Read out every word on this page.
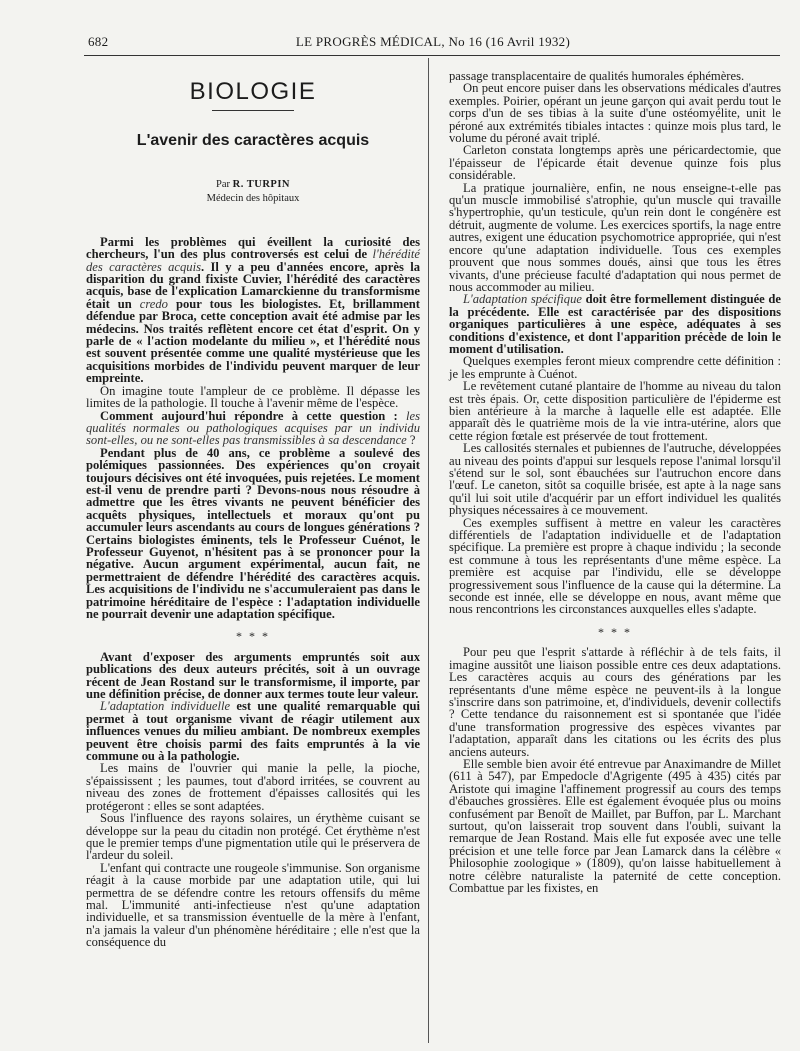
682	LE PROGRÈS MÉDICAL, No 16 (16 Avril 1932)
BIOLOGIE
L'avenir des caractères acquis
Par R. TURPIN
Médecin des hôpitaux

Parmi les problèmes qui éveillent la curiosité des chercheurs, l'un des plus controversés est celui de l'hérédité des caractères acquis. Il y a peu d'années encore, après la disparition du grand fixiste Cuvier, l'hérédité des caractères acquis, base de l'explication Lamarckienne du transformisme était un credo pour tous les biologistes. Et, brillamment défendue par Broca, cette conception avait été admise par les médecins. Nos traités reflètent encore cet état d'esprit. On y parle de « l'action modelante du milieu », et l'hérédité nous est souvent présentée comme une qualité mystérieuse que les acquisitions morbides de l'individu peuvent marquer de leur empreinte.

On imagine toute l'ampleur de ce problème. Il dépasse les limites de la pathologie. Il touche à l'avenir même de l'espèce.

Comment aujourd'hui répondre à cette question : les qualités normales ou pathologiques acquises par un individu sont-elles, ou ne sont-elles pas transmissibles à sa descendance ?

Pendant plus de 40 ans, ce problème a soulevé des polémiques passionnées. Des expériences qu'on croyait toujours décisives ont été invoquées, puis rejetées. Le moment est-il venu de prendre parti ? Devons-nous nous résoudre à admettre que les êtres vivants ne peuvent bénéficier des acquêts physiques, intellectuels et moraux qu'ont pu accumuler leurs ascendants au cours de longues générations ? Certains biologistes éminents, tels le Professeur Cuénot, le Professeur Guyenot, n'hésitent pas à se prononcer pour la négative. Aucun argument expérimental, aucun fait, ne permettraient de défendre l'hérédité des caractères acquis. Les acquisitions de l'individu ne s'accumuleraient pas dans le patrimoine héréditaire de l'espèce : l'adaptation individuelle ne pourrait devenir une adaptation spécifique.

* * *

Avant d'exposer des arguments empruntés soit aux publications des deux auteurs précités, soit à un ouvrage récent de Jean Rostand sur le transformisme, il importe, par une définition précise, de donner aux termes toute leur valeur.

L'adaptation individuelle est une qualité remarquable qui permet à tout organisme vivant de réagir utilement aux influences venues du milieu ambiant. De nombreux exemples peuvent être choisis parmi des faits empruntés à la vie commune ou à la pathologie.

Les mains de l'ouvrier qui manie la pelle, la pioche, s'épaississent ; les paumes, tout d'abord irritées, se couvrent au niveau des zones de frottement d'épaisses callosités qui les protégeront : elles se sont adaptées.

Sous l'influence des rayons solaires, un érythème cuisant se développe sur la peau du citadin non protégé. Cet érythème n'est que le premier temps d'une pigmentation utile qui le préservera de l'ardeur du soleil.

L'enfant qui contracte une rougeole s'immunise. Son organisme réagit à la cause morbide par une adaptation utile, qui lui permettra de se défendre contre les retours offensifs du même mal. L'immunité anti-infectieuse n'est qu'une adaptation individuelle, et sa transmission éventuelle de la mère à l'enfant, n'a jamais la valeur d'un phénomène héréditaire ; elle n'est que la conséquence du

passage transplacentaire de qualités humorales éphémères.

On peut encore puiser dans les observations médicales d'autres exemples. Poirier, opérant un jeune garçon qui avait perdu tout le corps d'un de ses tibias à la suite d'une ostéomyélite, unit le péroné aux extrémités tibiales intactes : quinze mois plus tard, le volume du péroné avait triplé.

Carleton constata longtemps après une péricardectomie, que l'épaisseur de l'épicarde était devenue quinze fois plus considérable.

La pratique journalière, enfin, ne nous enseigne-t-elle pas qu'un muscle immobilisé s'atrophie, qu'un muscle qui travaille s'hypertrophie, qu'un testicule, qu'un rein dont le congénère est détruit, augmente de volume. Les exercices sportifs, la nage entre autres, exigent une éducation psychomotrice appropriée, qui n'est encore qu'une adaptation individuelle. Tous ces exemples prouvent que nous sommes doués, ainsi que tous les êtres vivants, d'une précieuse faculté d'adaptation qui nous permet de nous accommoder au milieu.

L'adaptation spécifique doit être formellement distinguée de la précédente. Elle est caractérisée par des dispositions organiques particulières à une espèce, adéquates à ses conditions d'existence, et dont l'apparition précède de loin le moment d'utilisation.

Quelques exemples feront mieux comprendre cette définition : je les emprunte à Cuénot.

Le revêtement cutané plantaire de l'homme au niveau du talon est très épais. Or, cette disposition particulière de l'épiderme est bien antérieure à la marche à laquelle elle est adaptée. Elle apparaît dès le quatrième mois de la vie intra-utérine, alors que cette région fœtale est préservée de tout frottement.

Les callosités sternales et pubiennes de l'autruche, développées au niveau des points d'appui sur lesquels repose l'animal lorsqu'il s'étend sur le sol, sont ébauchées sur l'autruchon encore dans l'œuf. Le caneton, sitôt sa coquille brisée, est apte à la nage sans qu'il lui soit utile d'acquérir par un effort individuel les qualités physiques nécessaires à ce mouvement.

Ces exemples suffisent à mettre en valeur les caractères différentiels de l'adaptation individuelle et de l'adaptation spécifique. La première est propre à chaque individu ; la seconde est commune à tous les représentants d'une même espèce. La première est acquise par l'individu, elle se développe progressivement sous l'influence de la cause qui la détermine. La seconde est innée, elle se développe en nous, avant même que nous rencontrions les circonstances auxquelles elles s'adapte.

* * *

Pour peu que l'esprit s'attarde à réfléchir à de tels faits, il imagine aussitôt une liaison possible entre ces deux adaptations. Les caractères acquis au cours des générations par les représentants d'une même espèce ne peuvent-ils à la longue s'inscrire dans son patrimoine, et, d'individuels, devenir collectifs ? Cette tendance du raisonnement est si spontanée que l'idée d'une transformation progressive des espèces vivantes par l'adaptation, apparaît dans les citations ou les écrits des plus anciens auteurs.

Elle semble bien avoir été entrevue par Anaximandre de Millet (611 à 547), par Empedocle d'Agrigente (495 à 435) cités par Aristote qui imagine l'affinement progressif au cours des temps d'ébauches grossières. Elle est également évoquée plus ou moins confusément par Benoît de Maillet, par Buffon, par L. Marchant surtout, qu'on laisserait trop souvent dans l'oubli, suivant la remarque de Jean Rostand. Mais elle fut exposée avec une telle précision et une telle force par Jean Lamarck dans la célèbre « Philosophie zoologique » (1809), qu'on laisse habituellement à notre célèbre naturaliste la paternité de cette conception. Combattue par les fixistes, en
